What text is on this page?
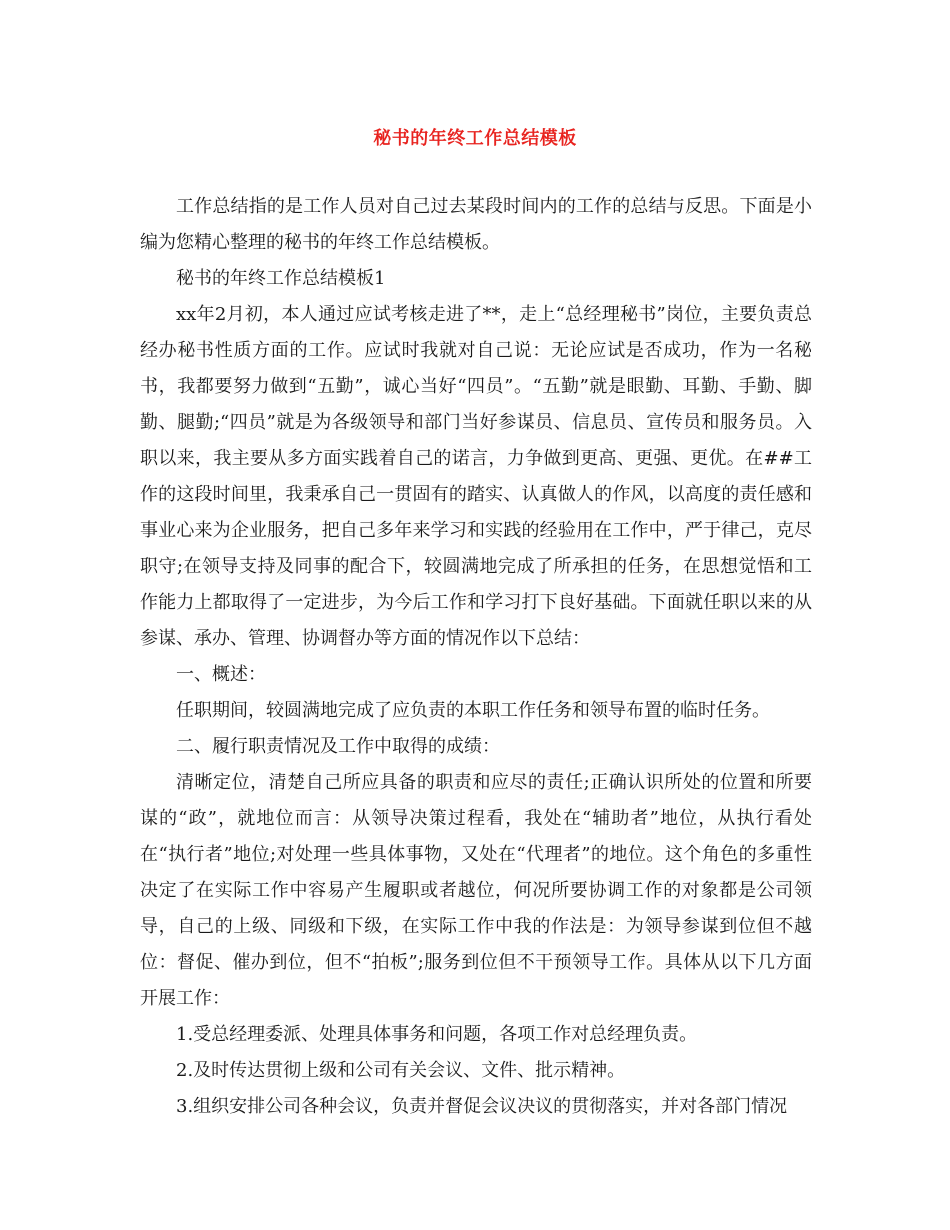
秘书的年终工作总结模板

工作总结指的是工作人员对自己过去某段时间内的工作的总结与反思。下面是小编为您精心整理的秘书的年终工作总结模板。

秘书的年终工作总结模板1

xx年2月初，本人通过应试考核走进了**，走上“总经理秘书”岗位，主要负责总经办秘书性质方面的工作。应试时我就对自己说：无论应试是否成功，作为一名秘书，我都要努力做到“五勤”，诚心当好“四员”。“五勤”就是眼勤、耳勤、手勤、脚勤、腿勤;“四员”就是为各级领导和部门当好参谋员、信息员、宣传员和服务员。入职以来，我主要从多方面实践着自己的诺言，力争做到更高、更强、更优。在##工作的这段时间里，我秉承自己一贯固有的踏实、认真做人的作风，以高度的责任感和事业心来为企业服务，把自己多年来学习和实践的经验用在工作中，严于律己，克尽职守;在领导支持及同事的配合下，较圆满地完成了所承担的任务，在思想觉悟和工作能力上都取得了一定进步，为今后工作和学习打下良好基础。下面就任职以来的从参谋、承办、管理、协调督办等方面的情况作以下总结：

一、概述：

任职期间，较圆满地完成了应负责的本职工作任务和领导布置的临时任务。

二、履行职责情况及工作中取得的成绩：

清晰定位，清楚自己所应具备的职责和应尽的责任;正确认识所处的位置和所要谋的“政”，就地位而言：从领导决策过程看，我处在“辅助者”地位，从执行看处在“执行者”地位;对处理一些具体事物，又处在“代理者”的地位。这个角色的多重性决定了在实际工作中容易产生履职或者越位，何况所要协调工作的对象都是公司领导，自己的上级、同级和下级，在实际工作中我的作法是：为领导参谋到位但不越位：督促、催办到位，但不“拍板”;服务到位但不干预领导工作。具体从以下几方面开展工作：

1.受总经理委派、处理具体事务和问题，各项工作对总经理负责。

2.及时传达贯彻上级和公司有关会议、文件、批示精神。

3.组织安排公司各种会议，负责并督促会议决议的贯彻落实，并对各部门情况
